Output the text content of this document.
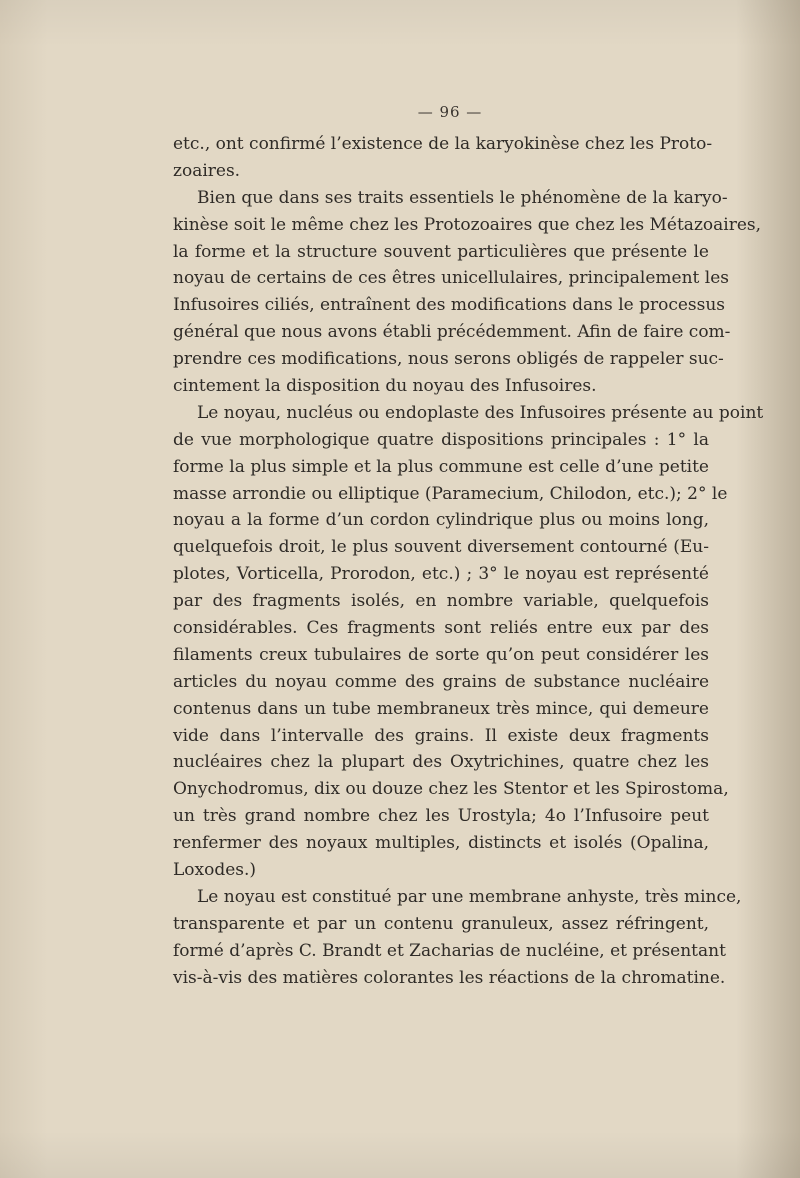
— 96 —
etc., ont confirmé l’existence de la karyokinèse chez les Proto-
zoaires.
Bien que dans ses traits essentiels le phénomène de la karyo-
kinèse soit le même chez les Protozoaires que chez les Métazoaires,
la forme et la structure souvent particulières que présente le
noyau de certains de ces êtres unicellulaires, principalement les
Infusoires ciliés, entraînent des modifications dans le processus
général que nous avons établi précédemment. Afin de faire com-
prendre ces modifications, nous serons obligés de rappeler suc-
cintement la disposition du noyau des Infusoires.
Le noyau, nucléus ou endoplaste des Infusoires présente au point
de vue morphologique quatre dispositions principales : 1° la
forme la plus simple et la plus commune est celle d’une petite
masse arrondie ou elliptique (Paramecium, Chilodon, etc.); 2° le
noyau a la forme d’un cordon cylindrique plus ou moins long,
quelquefois droit, le plus souvent diversement contourné (Eu-
plotes, Vorticella, Prorodon, etc.) ; 3° le noyau est représenté
par des fragments isolés, en nombre variable, quelquefois
considérables. Ces fragments sont reliés entre eux par des
filaments creux tubulaires de sorte qu’on peut considérer les
articles du noyau comme des grains de substance nucléaire
contenus dans un tube membraneux très mince, qui demeure
vide dans l’intervalle des grains. Il existe deux fragments
nucléaires chez la plupart des Oxytrichines, quatre chez les
Onychodromus, dix ou douze chez les Stentor et les Spirostoma,
un très grand nombre chez les Urostyla; 4o l’Infusoire peut
renfermer des noyaux multiples, distincts et isolés (Opalina,
Loxodes.)
Le noyau est constitué par une membrane anhyste, très mince,
transparente et par un contenu granuleux, assez réfringent,
formé d’après C. Brandt et Zacharias de nucléine, et présentant
vis-à-vis des matières colorantes les réactions de la chromatine.
